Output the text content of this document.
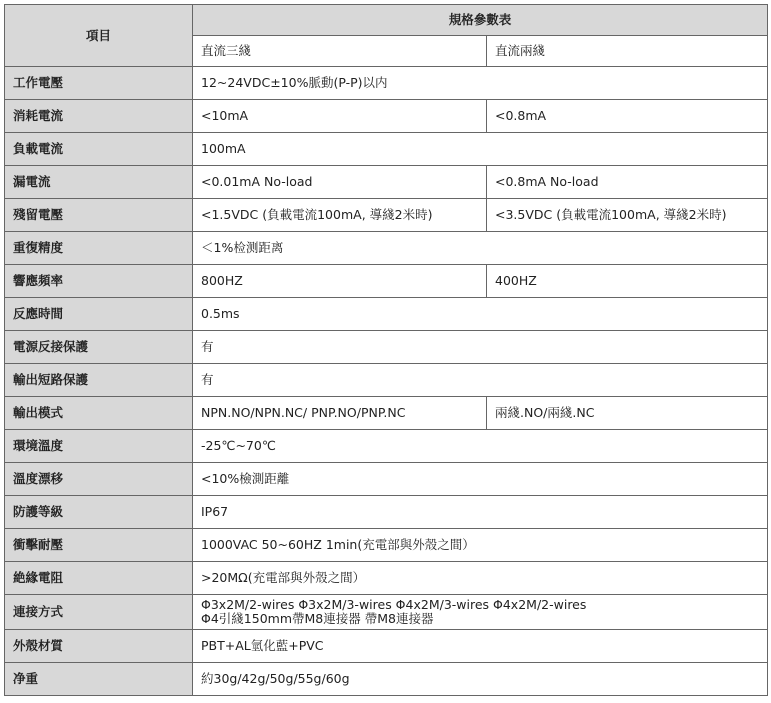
項目	規格參數表	
	直流三綫	直流兩綫
工作電壓	12~24VDC±10%脈動(P-P)以内	
消耗電流	<10mA	<0.8mA
負載電流	100mA	
漏電流	<0.01mA No-load	<0.8mA No-load
殘留電壓	<1.5VDC (負載電流100mA, 導綫2米時)	<3.5VDC (負載電流100mA, 導綫2米時)
重復精度	＜1%检测距离	
響應頻率	800HZ	400HZ
反應時間	0.5ms	
電源反接保護	有	
輸出短路保護	有	
輸出模式	NPN.NO/NPN.NC/ PNP.NO/PNP.NC	兩綫.NO/兩綫.NC
環境溫度	-25℃~70℃	
溫度漂移	<10%檢測距離	
防護等級	IP67	
衝擊耐壓	1000VAC 50~60HZ 1min(充電部與外殼之間）	
絶緣電阻	>20MΩ(充電部與外殼之間）	
連接方式	Φ3x2M/2-wires Φ3x2M/3-wires Φ4x2M/3-wires Φ4x2M/2-wires
Φ4引綫150mm帶M8連接器 帶M8連接器	

外殼材質	PBT+AL氫化藍+PVC	
净重	約30g/42g/50g/55g/60g	
